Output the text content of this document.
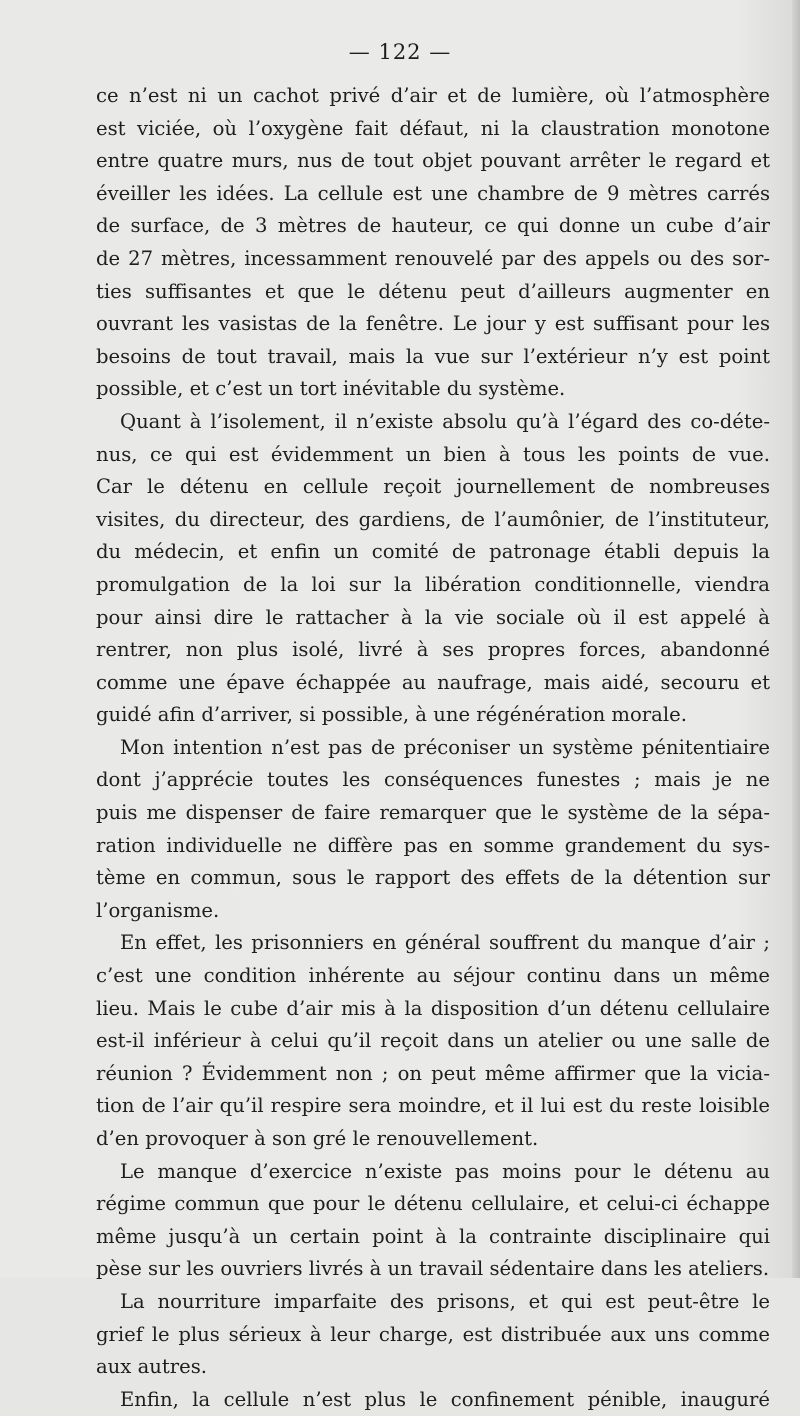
— 122 —
ce n’est ni un cachot privé d’air et de lumière, où l’atmosphère
est viciée, où l’oxygène fait défaut, ni la claustration monotone
entre quatre murs, nus de tout objet pouvant arrêter le regard et
éveiller les idées. La cellule est une chambre de 9 mètres carrés
de surface, de 3 mètres de hauteur, ce qui donne un cube d’air
de 27 mètres, incessamment renouvelé par des appels ou des sor-
ties suffisantes et que le détenu peut d’ailleurs augmenter en
ouvrant les vasistas de la fenêtre. Le jour y est suffisant pour les
besoins de tout travail, mais la vue sur l’extérieur n’y est point
possible, et c’est un tort inévitable du système.
Quant à l’isolement, il n’existe absolu qu’à l’égard des co-déte-
nus, ce qui est évidemment un bien à tous les points de vue.
Car le détenu en cellule reçoit journellement de nombreuses
visites, du directeur, des gardiens, de l’aumônier, de l’instituteur,
du médecin, et enfin un comité de patronage établi depuis la
promulgation de la loi sur la libération conditionnelle, viendra
pour ainsi dire le rattacher à la vie sociale où il est appelé à
rentrer, non plus isolé, livré à ses propres forces, abandonné
comme une épave échappée au naufrage, mais aidé, secouru et
guidé afin d’arriver, si possible, à une régénération morale.
Mon intention n’est pas de préconiser un système pénitentiaire
dont j’apprécie toutes les conséquences funestes ; mais je ne
puis me dispenser de faire remarquer que le système de la sépa-
ration individuelle ne diffère pas en somme grandement du sys-
tème en commun, sous le rapport des effets de la détention sur
l’organisme.
En effet, les prisonniers en général souffrent du manque d’air ;
c’est une condition inhérente au séjour continu dans un même
lieu. Mais le cube d’air mis à la disposition d’un détenu cellulaire
est-il inférieur à celui qu’il reçoit dans un atelier ou une salle de
réunion ? Évidemment non ; on peut même affirmer que la vicia-
tion de l’air qu’il respire sera moindre, et il lui est du reste loisible
d’en provoquer à son gré le renouvellement.
Le manque d’exercice n’existe pas moins pour le détenu au
régime commun que pour le détenu cellulaire, et celui-ci échappe
même jusqu’à un certain point à la contrainte disciplinaire qui
pèse sur les ouvriers livrés à un travail sédentaire dans les ateliers.
La nourriture imparfaite des prisons, et qui est peut-être le
grief le plus sérieux à leur charge, est distribuée aux uns comme
aux autres.
Enfin, la cellule n’est plus le confinement pénible, inauguré
